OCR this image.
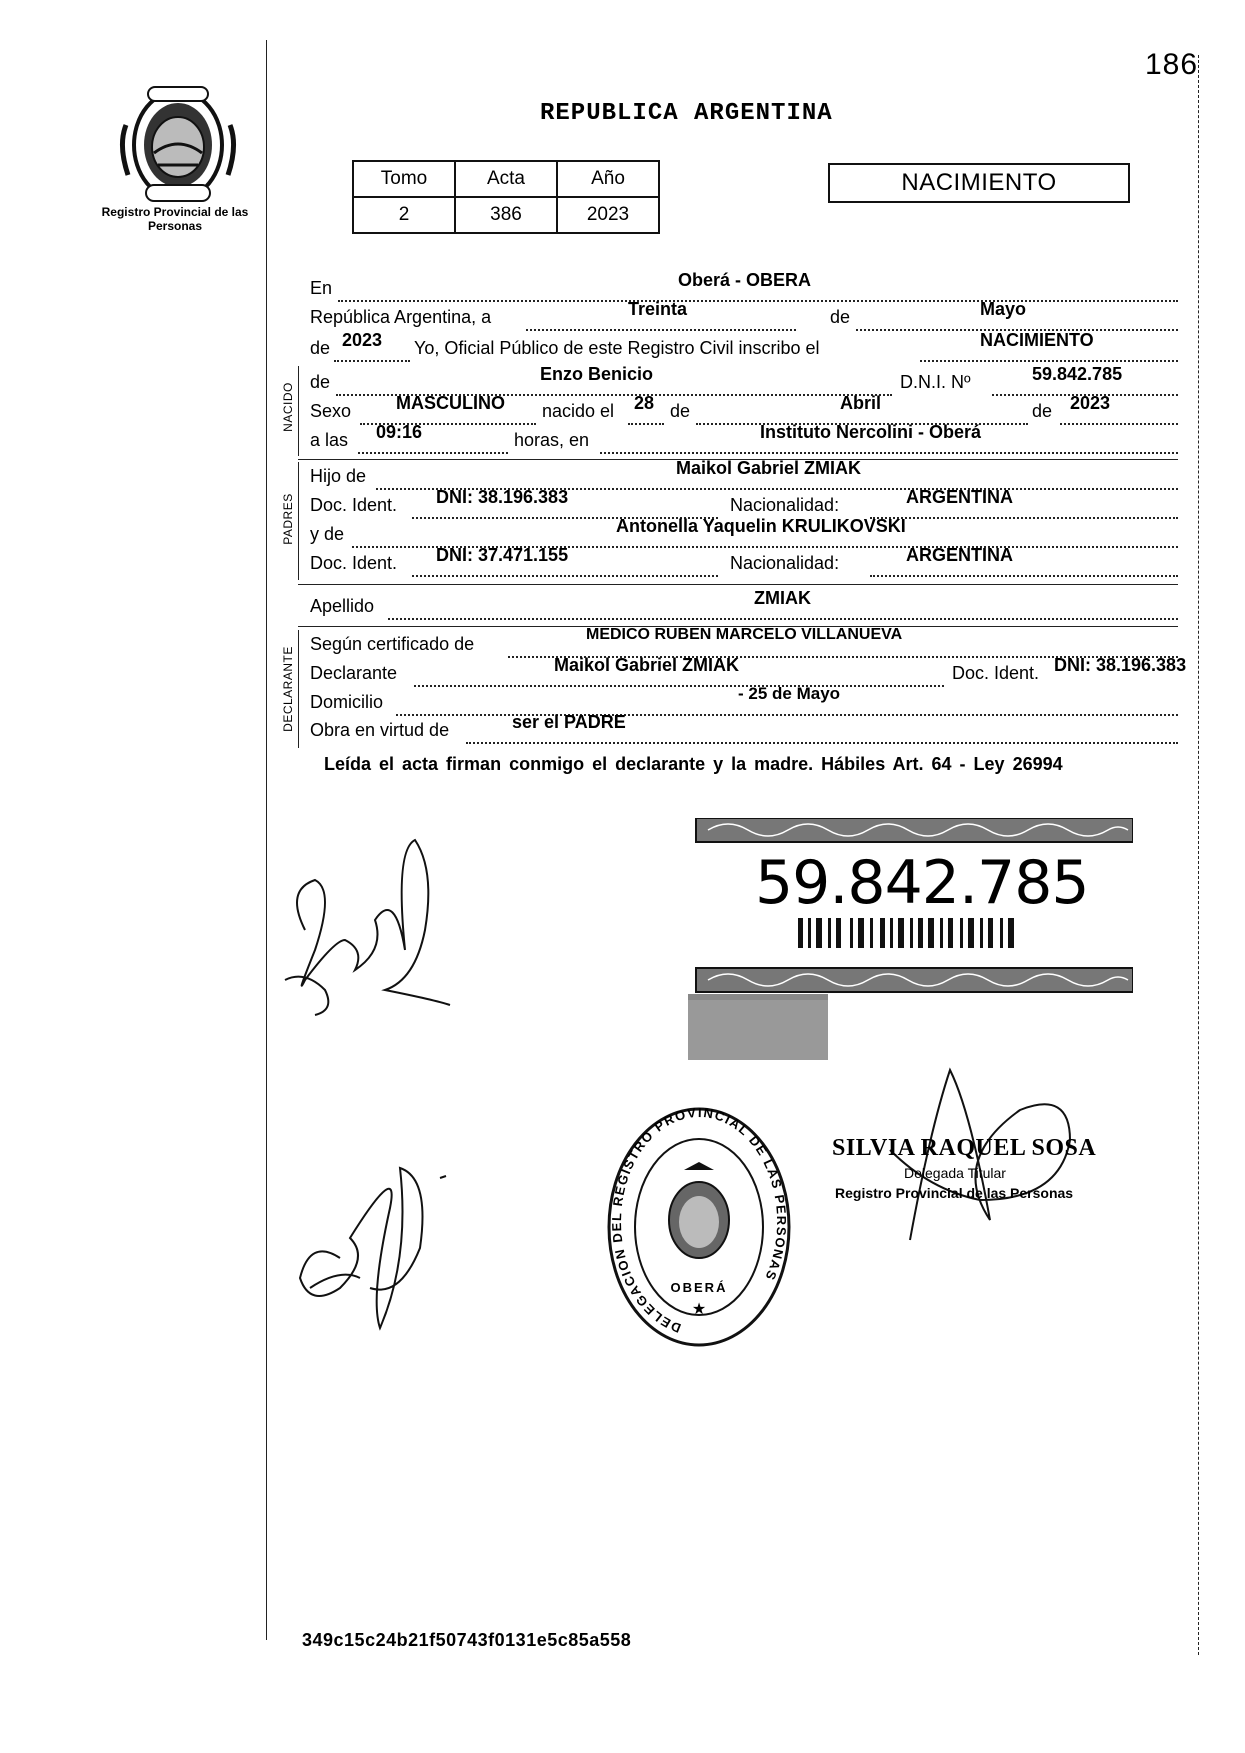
Registro Provincial de las Personas
186
REPUBLICA ARGENTINA
Tomo	Acta	Año
2	386	2023
NACIMIENTO
En	Oberá - OBERA
República Argentina, a	Treinta	de	Mayo
de 2023 Yo, Oficial Público de este Registro Civil inscribo el	NACIMIENTO
NACIDO
de	Enzo Benicio	D.N.I. Nº	59.842.785
Sexo MASCULINO nacido el 28 de	Abril	de 2023
a las 09:16	horas, en	Instituto Nercolini - Oberá
PADRES
Hijo de	Maikol Gabriel ZMIAK
Doc. Ident. DNI: 38.196.383	Nacionalidad:	ARGENTINA
y de	Antonella Yaquelin KRULIKOVSKI
Doc. Ident. DNI: 37.471.155	Nacionalidad:	ARGENTINA
Apellido	ZMIAK
DECLARANTE
Según certificado de	MEDICO RUBEN MARCELO VILLANUEVA
Declarante	Maikol Gabriel ZMIAK	Doc. Ident. DNI: 38.196.383
Domicilio	- 25 de Mayo
Obra en virtud de	ser el PADRE
Leída el acta firman conmigo el declarante y la madre. Hábiles Art. 64 - Ley 26994
59.842.785
DELEGACION DEL REGISTRO PROVINCIAL DE LAS PERSONAS
OBERÁ
★
SILVIA RAQUEL SOSA
Delegada Titular
Registro Provincial de las Personas
349c15c24b21f50743f0131e5c85a558
